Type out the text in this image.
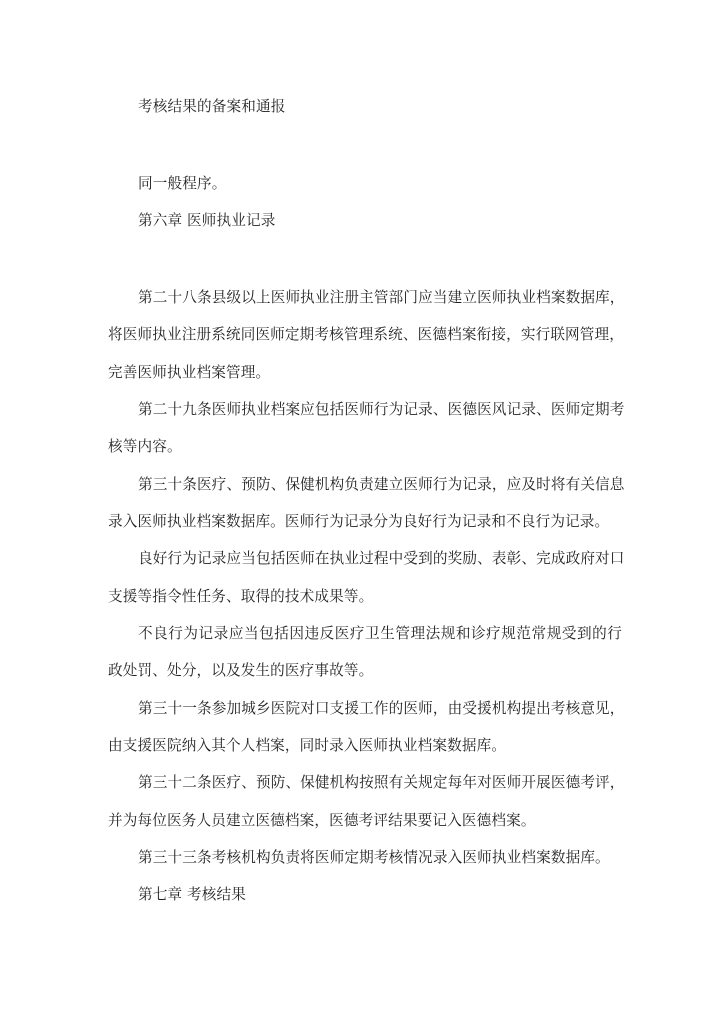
考核结果的备案和通报
同一般程序。
第六章 医师执业记录
第二十八条县级以上医师执业注册主管部门应当建立医师执业档案数据库，
将医师执业注册系统同医师定期考核管理系统、医德档案衔接，实行联网管理，
完善医师执业档案管理。
第二十九条医师执业档案应包括医师行为记录、医德医风记录、医师定期考
核等内容。
第三十条医疗、预防、保健机构负责建立医师行为记录，应及时将有关信息
录入医师执业档案数据库。医师行为记录分为良好行为记录和不良行为记录。
良好行为记录应当包括医师在执业过程中受到的奖励、表彰、完成政府对口
支援等指令性任务、取得的技术成果等。
不良行为记录应当包括因违反医疗卫生管理法规和诊疗规范常规受到的行
政处罚、处分，以及发生的医疗事故等。
第三十一条参加城乡医院对口支援工作的医师，由受援机构提出考核意见，
由支援医院纳入其个人档案，同时录入医师执业档案数据库。
第三十二条医疗、预防、保健机构按照有关规定每年对医师开展医德考评，
并为每位医务人员建立医德档案，医德考评结果要记入医德档案。
第三十三条考核机构负责将医师定期考核情况录入医师执业档案数据库。
第七章 考核结果
